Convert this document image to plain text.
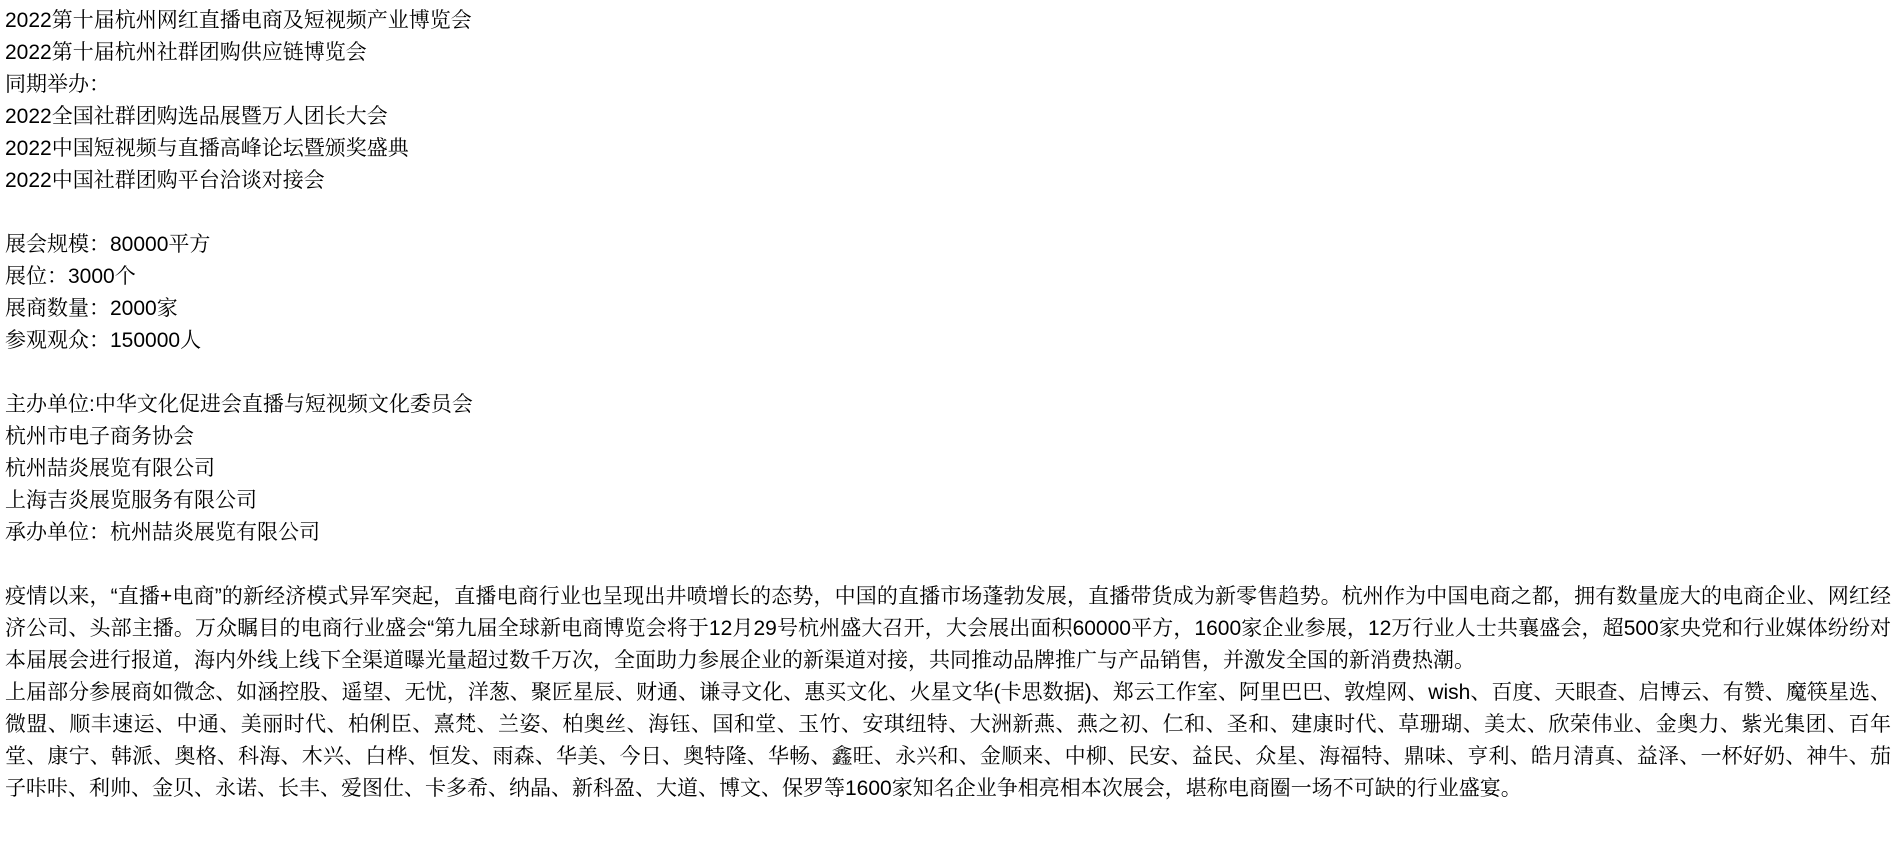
2022第十届杭州网红直播电商及短视频产业博览会
2022第十届杭州社群团购供应链博览会
同期举办：
2022全国社群团购选品展暨万人团长大会
2022中国短视频与直播高峰论坛暨颁奖盛典
2022中国社群团购平台洽谈对接会
展会规模：80000平方
展位：3000个
展商数量：2000家
参观观众：150000人
主办单位:中华文化促进会直播与短视频文化委员会
杭州市电子商务协会
杭州喆炎展览有限公司
上海吉炎展览服务有限公司
承办单位：杭州喆炎展览有限公司
疫情以来，“直播+电商”的新经济模式异军突起，直播电商行业也呈现出井喷增长的态势，中国的直播市场蓬勃发展，直播带货成为新零售趋势。杭州作为中国电商之都，拥有数量庞大的电商企业、网红经济公司、头部主播。万众瞩目的电商行业盛会“第九届全球新电商博览会将于12月29号杭州盛大召开，大会展出面积60000平方，1600家企业参展，12万行业人士共襄盛会，超500家央党和行业媒体纷纷对本届展会进行报道，海内外线上线下全渠道曝光量超过数千万次，全面助力参展企业的新渠道对接，共同推动品牌推广与产品销售，并激发全国的新消费热潮。
上届部分参展商如微念、如涵控股、遥望、无忧，洋葱、聚匠星辰、财通、谦寻文化、惠买文化、火星文华(卡思数据)、郑云工作室、阿里巴巴、敦煌网、wish、百度、天眼查、启博云、有赞、魔筷星选、微盟、顺丰速运、中通、美丽时代、柏俐臣、熹梵、兰姿、柏奥丝、海钰、国和堂、玉竹、安琪纽特、大洲新燕、燕之初、仁和、圣和、建康时代、草珊瑚、美太、欣荣伟业、金奥力、紫光集团、百年堂、康宁、韩派、奥格、科海、木兴、白桦、恒发、雨森、华美、今日、奥特隆、华畅、鑫旺、永兴和、金顺来、中柳、民安、益民、众星、海福特、鼎味、亨利、皓月清真、益泽、一杯好奶、神牛、茄子咔咔、利帅、金贝、永诺、长丰、爱图仕、卡多希、纳晶、新科盈、大道、博文、保罗等1600家知名企业争相亮相本次展会，堪称电商圈一场不可缺的行业盛宴。
